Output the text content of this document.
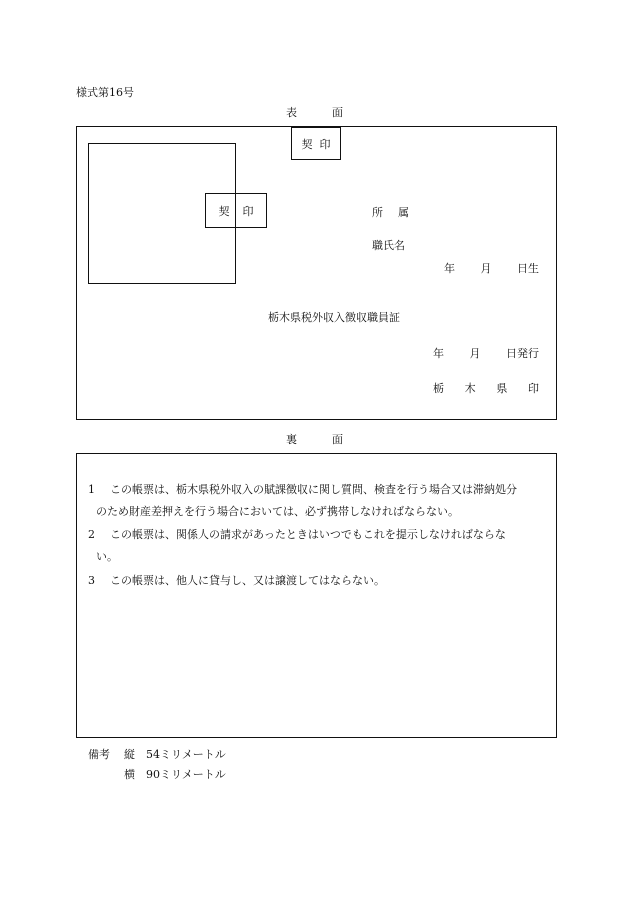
様式第16号
表	面
契 印
契 印	所 属
職氏名
年 月 日生
栃木県税外収入徴収職員証
年 月 日発行
栃 木 県 印
裏	面
1 この帳票は、栃木県税外収入の賦課徴収に関し質問、検査を行う場合又は滞納処分
のため財産差押えを行う場合においては、必ず携帯しなければならない。
2 この帳票は、関係人の請求があったときはいつでもこれを提示しなければならな
い。
3 この帳票は、他人に貸与し、又は譲渡してはならない。
備考 縦 54ミリメートル
横 90ミリメートル
